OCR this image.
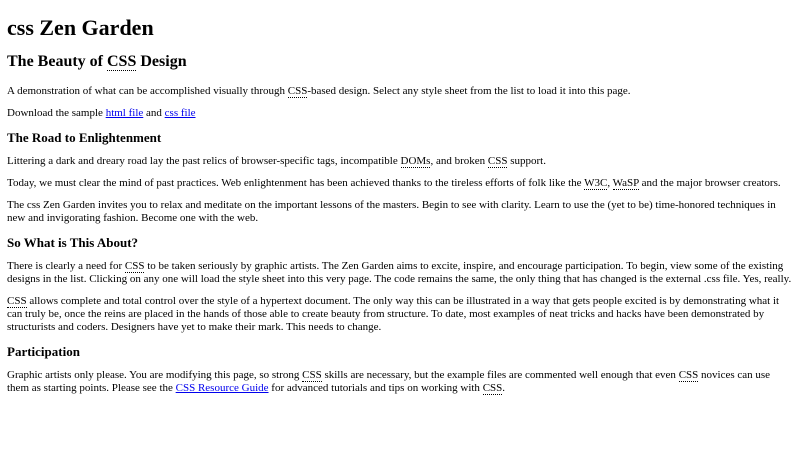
css Zen Garden
The Beauty of CSS Design

A demonstration of what can be accomplished visually through CSS-based design. Select any style sheet from the list to load it into this page.

Download the sample html file and css file

The Road to Enlightenment

Littering a dark and dreary road lay the past relics of browser-specific tags, incompatible DOMs, and broken CSS support.

Today, we must clear the mind of past practices. Web enlightenment has been achieved thanks to the tireless efforts of folk like the W3C, WaSP and the major browser creators.

The css Zen Garden invites you to relax and meditate on the important lessons of the masters. Begin to see with clarity. Learn to use the (yet to be) time-honored techniques in new and invigorating fashion. Become one with the web.

So What is This About?

There is clearly a need for CSS to be taken seriously by graphic artists. The Zen Garden aims to excite, inspire, and encourage participation. To begin, view some of the existing designs in the list. Clicking on any one will load the style sheet into this very page. The code remains the same, the only thing that has changed is the external .css file. Yes, really.

CSS allows complete and total control over the style of a hypertext document. The only way this can be illustrated in a way that gets people excited is by demonstrating what it can truly be, once the reins are placed in the hands of those able to create beauty from structure. To date, most examples of neat tricks and hacks have been demonstrated by structurists and coders. Designers have yet to make their mark. This needs to change.

Participation

Graphic artists only please. You are modifying this page, so strong CSS skills are necessary, but the example files are commented well enough that even CSS novices can use them as starting points. Please see the CSS Resource Guide for advanced tutorials and tips on working with CSS.
